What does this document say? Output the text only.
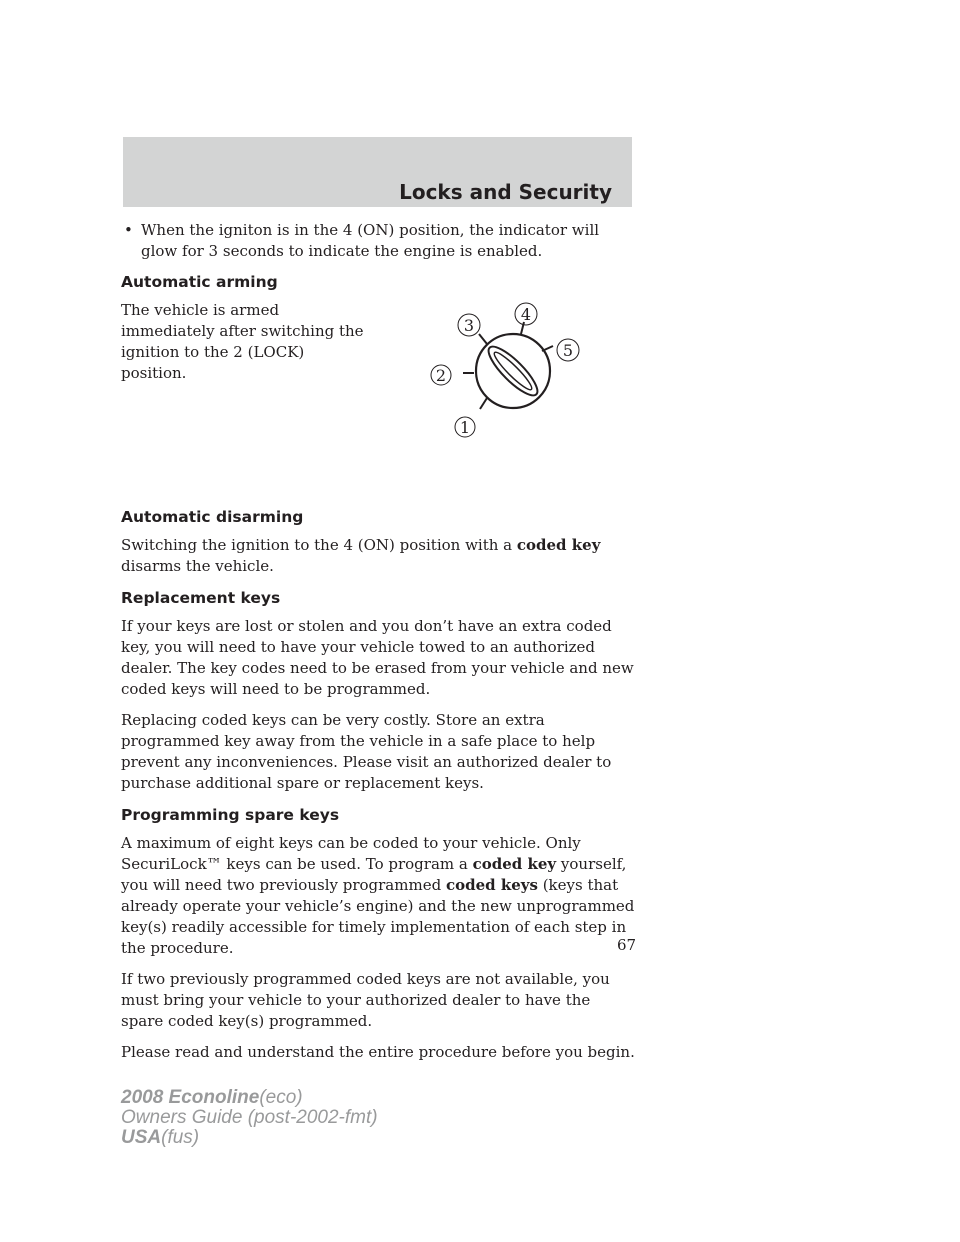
Locks and Security
• When the igniton is in the 4 (ON) position, the indicator will glow for 3 seconds to indicate the engine is enabled.
Automatic arming

The vehicle is armed immediately after switching the ignition to the 2 (LOCK) position.

Automatic disarming

Switching the ignition to the 4 (ON) position with a coded key disarms the vehicle.

Replacement keys

If your keys are lost or stolen and you don’t have an extra coded key, you will need to have your vehicle towed to an authorized dealer. The key codes need to be erased from your vehicle and new coded keys will need to be programmed.

Replacing coded keys can be very costly. Store an extra programmed key away from the vehicle in a safe place to help prevent any inconveniences. Please visit an authorized dealer to purchase additional spare or replacement keys.

Programming spare keys

A maximum of eight keys can be coded to your vehicle. Only SecuriLock™ keys can be used. To program a coded key yourself, you will need two previously programmed coded keys (keys that already operate your vehicle’s engine) and the new unprogrammed key(s) readily accessible for timely implementation of each step in the procedure.

If two previously programmed coded keys are not available, you must bring your vehicle to your authorized dealer to have the spare coded key(s) programmed.

Please read and understand the entire procedure before you begin.

1
2
3
4
5
67
2008 Econoline(eco)
Owners Guide (post-2002-fmt)
USA(fus)
